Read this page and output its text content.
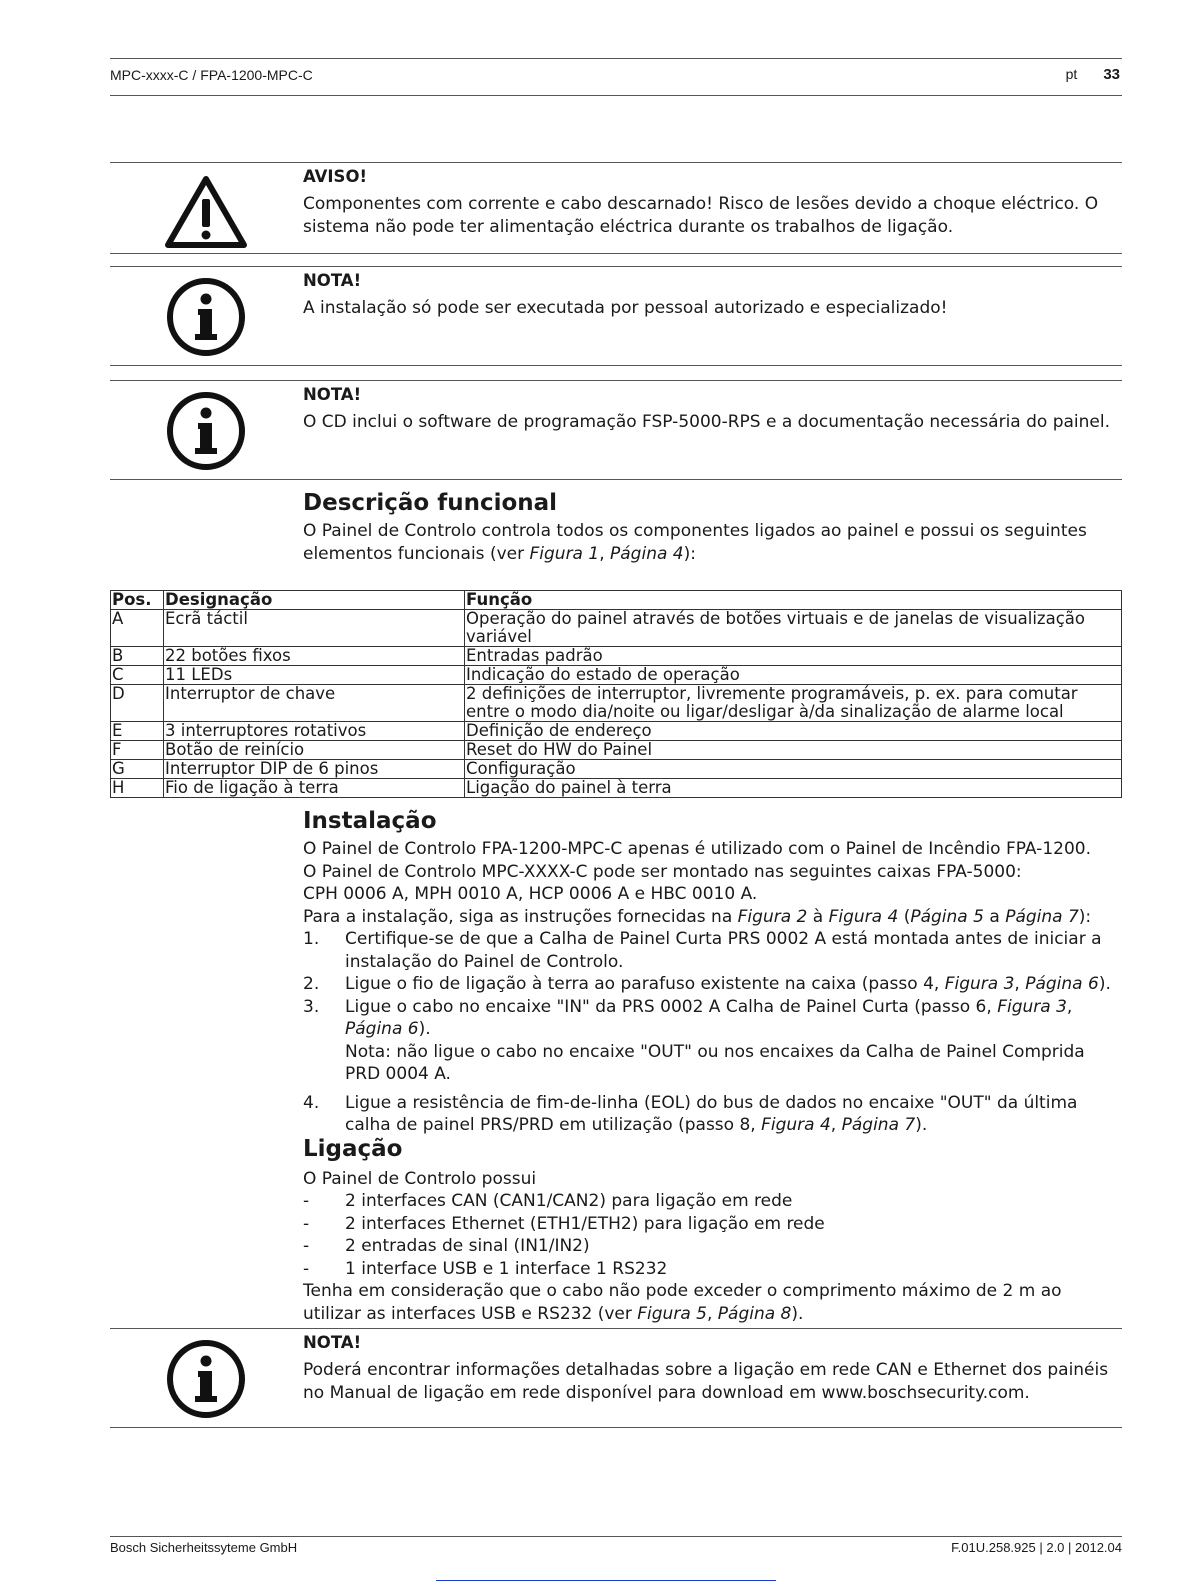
MPC-xxxx-C / FPA-1200-MPC-C	pt 33
AVISO!
Componentes com corrente e cabo descarnado! Risco de lesões devido a choque eléctrico. O sistema não pode ter alimentação eléctrica durante os trabalhos de ligação.
NOTA!
A instalação só pode ser executada por pessoal autorizado e especializado!
NOTA!
O CD inclui o software de programação FSP-5000-RPS e a documentação necessária do painel.
Descrição funcional
O Painel de Controlo controla todos os componentes ligados ao painel e possui os seguintes elementos funcionais (ver Figura 1, Página 4):
Pos.	Designação	Função
A	Ecrã táctil	Operação do painel através de botões virtuais e de janelas de visualização variável
B	22 botões fixos	Entradas padrão
C	11 LEDs	Indicação do estado de operação
D	Interruptor de chave	2 definições de interruptor, livremente programáveis, p. ex. para comutar entre o modo dia/noite ou ligar/desligar à/da sinalização de alarme local
E	3 interruptores rotativos	Definição de endereço
F	Botão de reinício	Reset do HW do Painel
G	Interruptor DIP de 6 pinos	Configuração
H	Fio de ligação à terra	Ligação do painel à terra
Instalação
O Painel de Controlo FPA-1200-MPC-C apenas é utilizado com o Painel de Incêndio FPA-1200.
O Painel de Controlo MPC-XXXX-C pode ser montado nas seguintes caixas FPA-5000:
CPH 0006 A, MPH 0010 A, HCP 0006 A e HBC 0010 A.
Para a instalação, siga as instruções fornecidas na Figura 2 à Figura 4 (Página 5 a Página 7):
1. Certifique-se de que a Calha de Painel Curta PRS 0002 A está montada antes de iniciar a instalação do Painel de Controlo.
2. Ligue o fio de ligação à terra ao parafuso existente na caixa (passo 4, Figura 3, Página 6).
3. Ligue o cabo no encaixe "IN" da PRS 0002 A Calha de Painel Curta (passo 6, Figura 3, Página 6).
Nota: não ligue o cabo no encaixe "OUT" ou nos encaixes da Calha de Painel Comprida PRD 0004 A.
4. Ligue a resistência de fim-de-linha (EOL) do bus de dados no encaixe "OUT" da última calha de painel PRS/PRD em utilização (passo 8, Figura 4, Página 7).
Ligação
O Painel de Controlo possui
- 2 interfaces CAN (CAN1/CAN2) para ligação em rede
- 2 interfaces Ethernet (ETH1/ETH2) para ligação em rede
- 2 entradas de sinal (IN1/IN2)
- 1 interface USB e 1 interface 1 RS232
Tenha em consideração que o cabo não pode exceder o comprimento máximo de 2 m ao utilizar as interfaces USB e RS232 (ver Figura 5, Página 8).
NOTA!
Poderá encontrar informações detalhadas sobre a ligação em rede CAN e Ethernet dos painéis no Manual de ligação em rede disponível para download em www.boschsecurity.com.
Bosch Sicherheitssyteme GmbH	F.01U.258.925 | 2.0 | 2012.04
